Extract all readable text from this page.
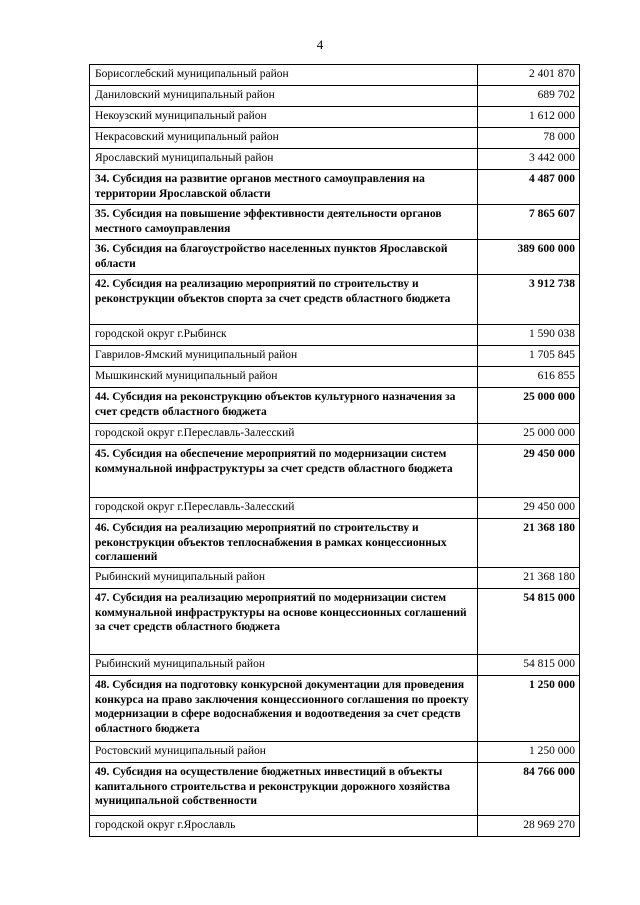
4
Борисоглебский муниципальный район	2 401 870
Даниловский муниципальный район	689 702
Некоузский муниципальный район	1 612 000
Некрасовский муниципальный район	78 000
Ярославский муниципальный район	3 442 000
34. Субсидия на развитие органов местного самоуправления на территории Ярославской области	4 487 000
35. Субсидия на повышение эффективности деятельности органов местного самоуправления	7 865 607
36. Субсидия на благоустройство населенных пунктов Ярославской области	389 600 000
42. Субсидия на реализацию мероприятий по строительству и реконструкции объектов спорта за счет средств областного бюджета	3 912 738
городской округ г.Рыбинск	1 590 038
Гаврилов-Ямский муниципальный район	1 705 845
Мышкинский муниципальный район	616 855
44. Субсидия на реконструкцию объектов культурного назначения за счет средств областного бюджета	25 000 000
городской округ г.Переславль-Залесский	25 000 000
45. Субсидия на обеспечение мероприятий по модернизации систем коммунальной инфраструктуры за счет средств областного бюджета	29 450 000
городской округ г.Переславль-Залесский	29 450 000
46. Субсидия на реализацию мероприятий по строительству и реконструкции объектов теплоснабжения в рамках концессионных соглашений	21 368 180
Рыбинский муниципальный район	21 368 180
47. Субсидия на реализацию мероприятий по модернизации систем коммунальной инфраструктуры на основе концессионных соглашений за счет средств областного бюджета	54 815 000
Рыбинский муниципальный район	54 815 000
48. Субсидия на подготовку конкурсной документации для проведения конкурса на право заключения концессионного соглашения по проекту модернизации в сфере водоснабжения и водоотведения за счет средств областного бюджета	1 250 000
Ростовский муниципальный район	1 250 000
49. Субсидия на осуществление бюджетных инвестиций в объекты капитального строительства и реконструкции дорожного хозяйства муниципальной собственности	84 766 000
городской округ г.Ярославль	28 969 270
